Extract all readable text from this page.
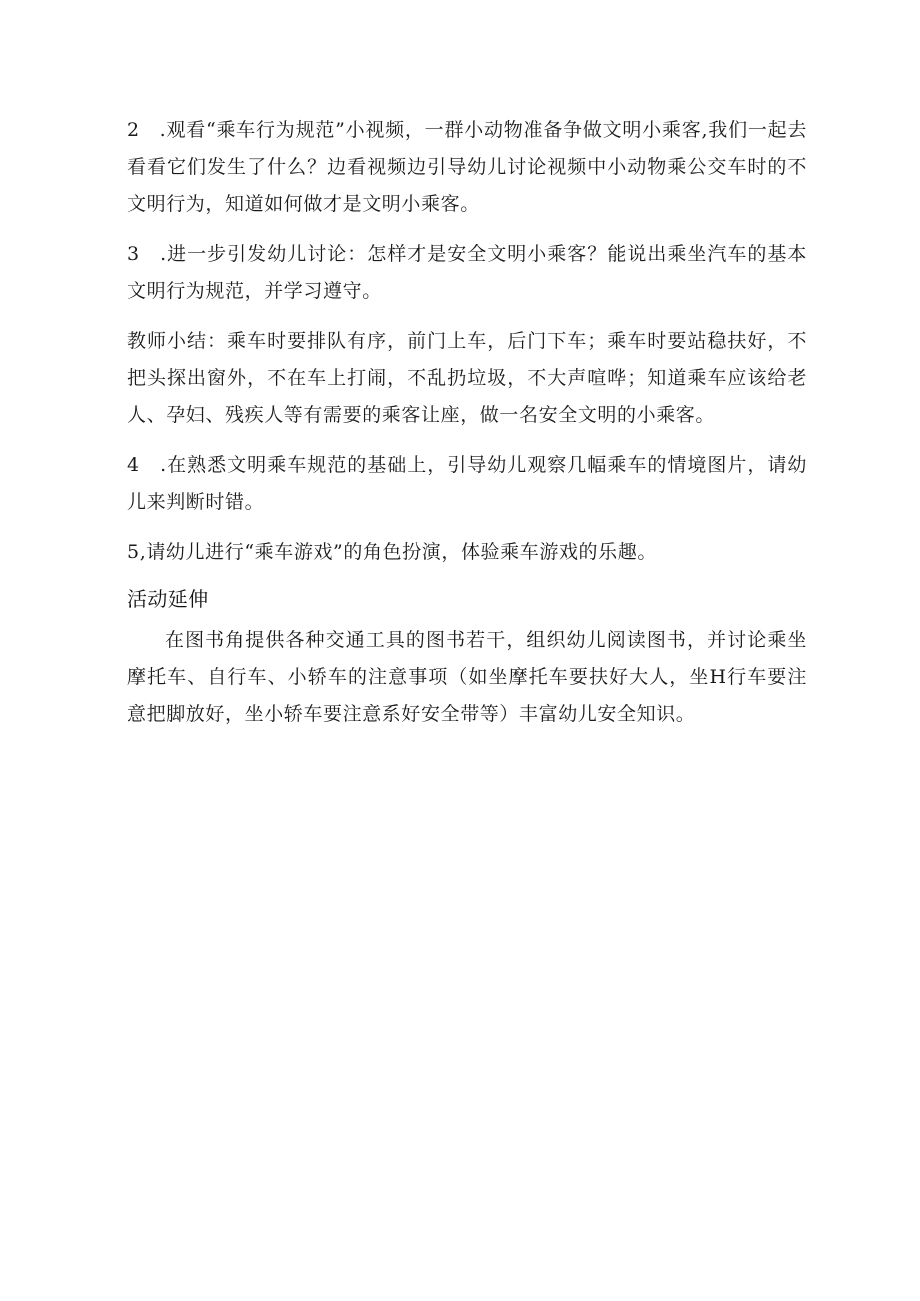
2　.观看“乘车行为规范”小视频，一群小动物准备争做文明小乘客,我们一起去看看它们发生了什么？边看视频边引导幼儿讨论视频中小动物乘公交车时的不文明行为，知道如何做才是文明小乘客。

3　.进一步引发幼儿讨论：怎样才是安全文明小乘客？能说出乘坐汽车的基本文明行为规范，并学习遵守。

教师小结：乘车时要排队有序，前门上车，后门下车；乘车时要站稳扶好，不把头探出窗外，不在车上打闹，不乱扔垃圾，不大声喧哗；知道乘车应该给老人、孕妇、残疾人等有需要的乘客让座，做一名安全文明的小乘客。

4　.在熟悉文明乘车规范的基础上，引导幼儿观察几幅乘车的情境图片，请幼儿来判断时错。

5,请幼儿进行“乘车游戏”的角色扮演，体验乘车游戏的乐趣。

活动延伸

在图书角提供各种交通工具的图书若干，组织幼儿阅读图书，并讨论乘坐摩托车、自行车、小轿车的注意事项（如坐摩托车要扶好大人，坐H行车要注意把脚放好，坐小轿车要注意系好安全带等）丰富幼儿安全知识。
